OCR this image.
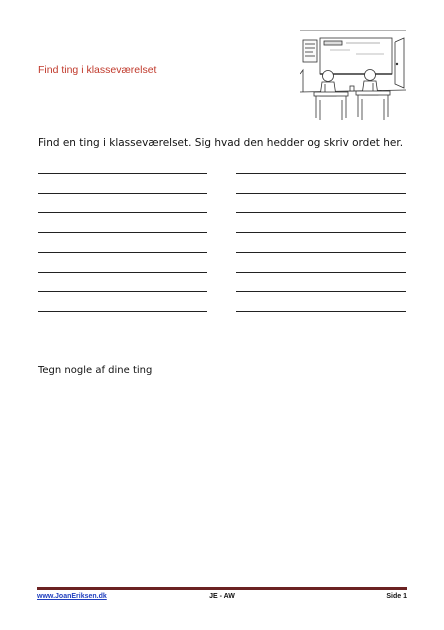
Find ting i klasseværelset
Find en ting i klasseværelset. Sig hvad den hedder og skriv ordet her.
Tegn nogle af dine ting
www.JoanEriksen.dk	JE - AW	Side 1
